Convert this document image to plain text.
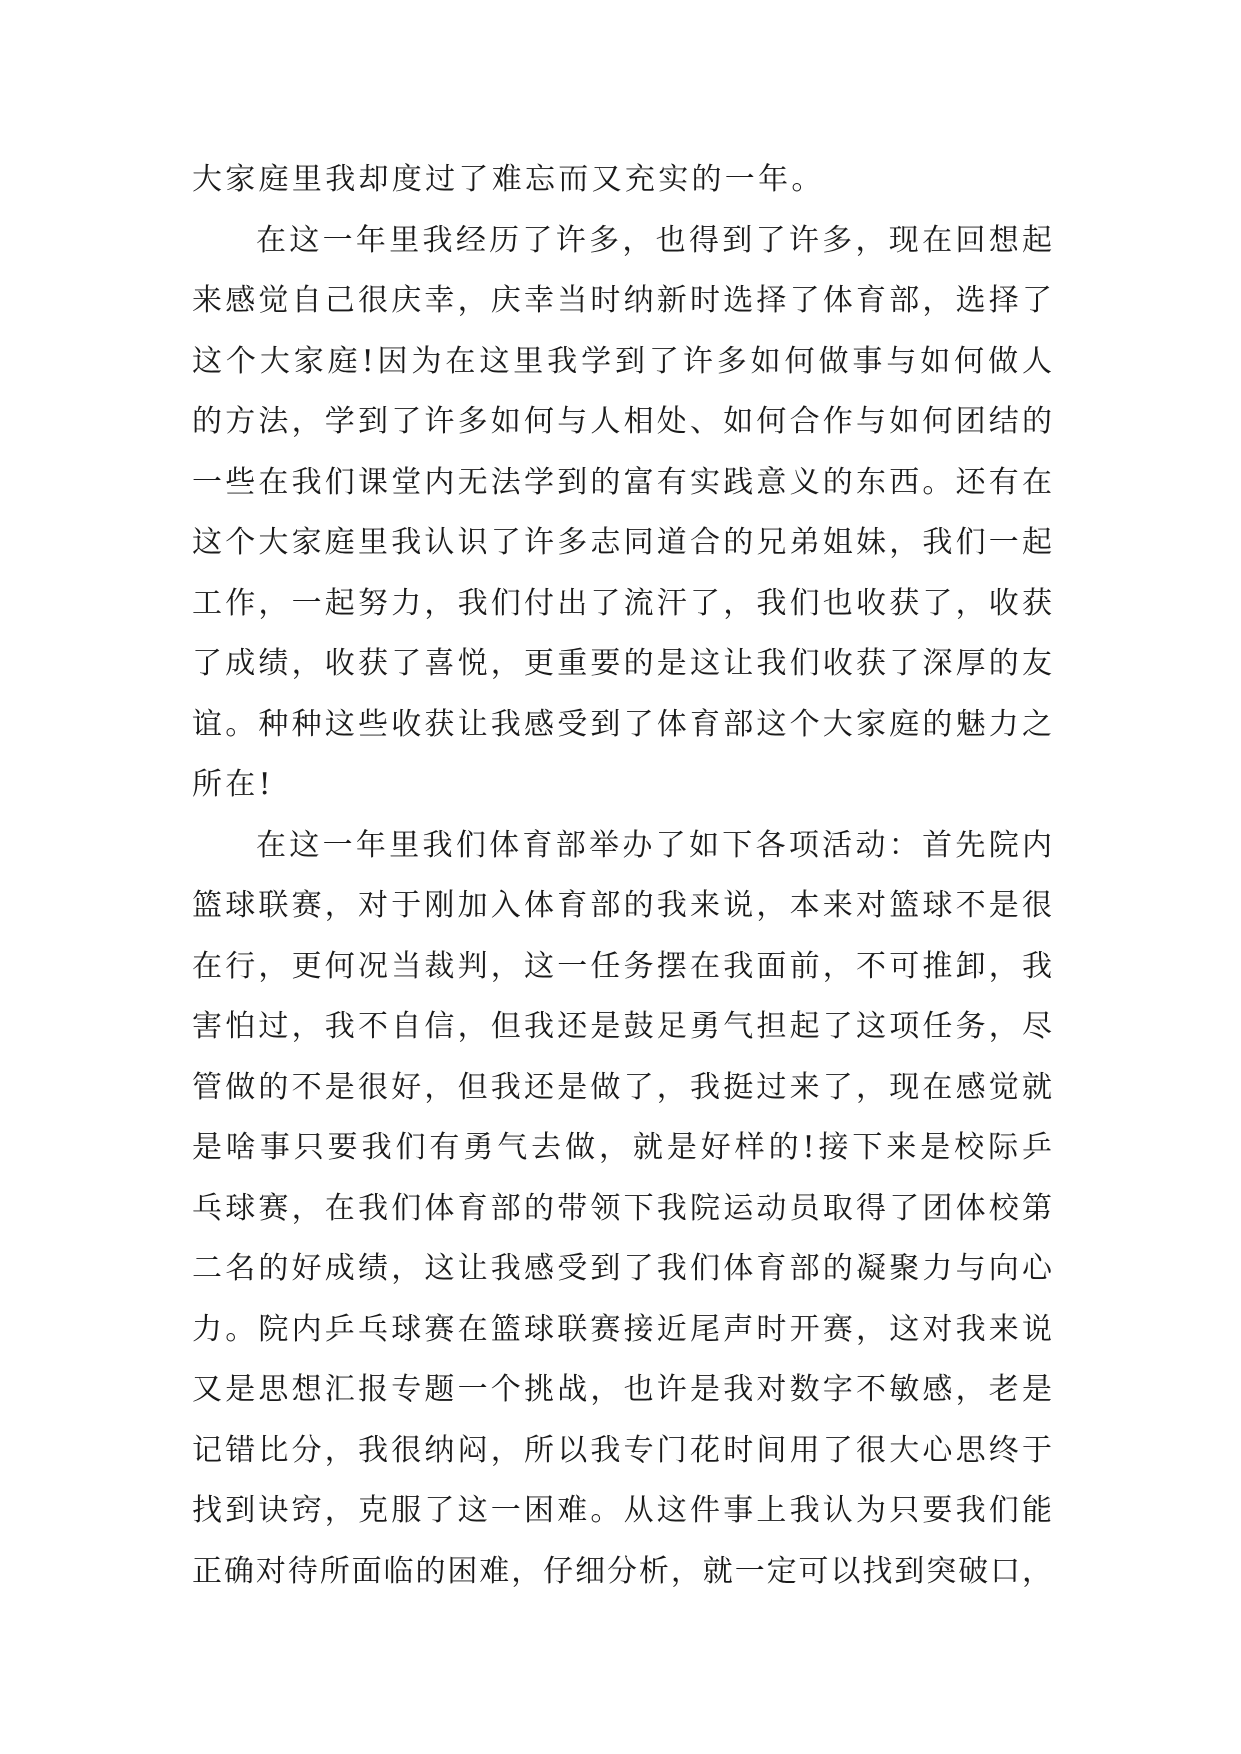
大家庭里我却度过了难忘而又充实的一年。
在这一年里我经历了许多，也得到了许多，现在回想起
来感觉自己很庆幸，庆幸当时纳新时选择了体育部，选择了
这个大家庭!因为在这里我学到了许多如何做事与如何做人
的方法，学到了许多如何与人相处、如何合作与如何团结的
一些在我们课堂内无法学到的富有实践意义的东西。还有在
这个大家庭里我认识了许多志同道合的兄弟姐妹，我们一起
工作，一起努力，我们付出了流汗了，我们也收获了，收获
了成绩，收获了喜悦，更重要的是这让我们收获了深厚的友
谊。种种这些收获让我感受到了体育部这个大家庭的魅力之
所在!
在这一年里我们体育部举办了如下各项活动：首先院内
篮球联赛，对于刚加入体育部的我来说，本来对篮球不是很
在行，更何况当裁判，这一任务摆在我面前，不可推卸，我
害怕过，我不自信，但我还是鼓足勇气担起了这项任务，尽
管做的不是很好，但我还是做了，我挺过来了，现在感觉就
是啥事只要我们有勇气去做，就是好样的!接下来是校际乒
乓球赛，在我们体育部的带领下我院运动员取得了团体校第
二名的好成绩，这让我感受到了我们体育部的凝聚力与向心
力。院内乒乓球赛在篮球联赛接近尾声时开赛，这对我来说
又是思想汇报专题一个挑战，也许是我对数字不敏感，老是
记错比分，我很纳闷，所以我专门花时间用了很大心思终于
找到诀窍，克服了这一困难。从这件事上我认为只要我们能
正确对待所面临的困难，仔细分析，就一定可以找到突破口，
